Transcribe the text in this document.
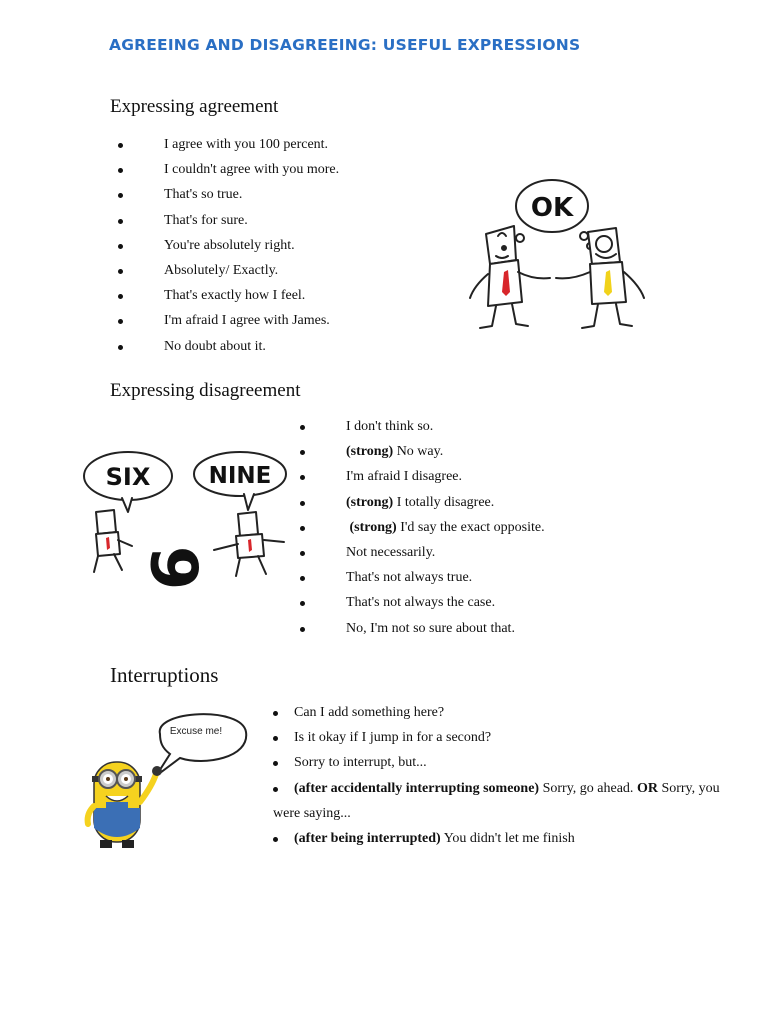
AGREEING AND DISAGREEING: USEFUL EXPRESSIONS
Expressing agreement
I agree with you 100 percent.
I couldn't agree with you more.
That's so true.
That's for sure.
You're absolutely right.
Absolutely/ Exactly.
That's exactly how I feel.
I'm afraid I agree with James.
No doubt about it.
OK
Expressing disagreement
I don't think so.
(strong) No way.
I'm afraid I disagree.
(strong) I totally disagree.
(strong) I'd say the exact opposite.
Not necessarily.
That's not always true.
That's not always the case.
No, I'm not so sure about that.
SIX	NINE
6
Interruptions
Can I add something here?
Is it okay if I jump in for a second?
Sorry to interrupt, but...
(after accidentally interrupting someone) Sorry, go ahead. OR Sorry, you were saying...
(after being interrupted) You didn't let me finish
Excuse me!
